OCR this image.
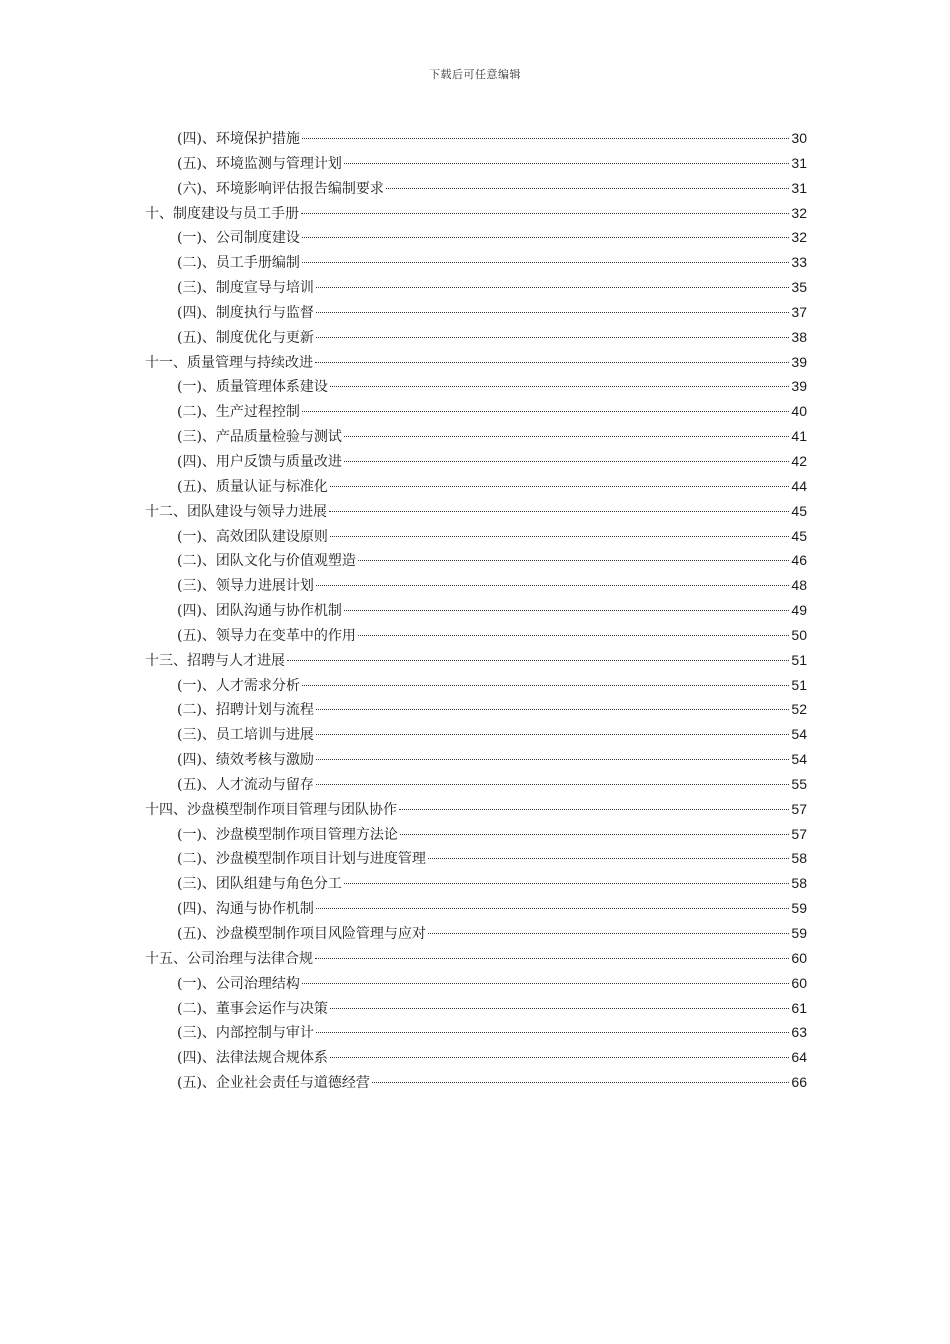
下载后可任意编辑
(四)、环境保护措施	30
(五)、环境监测与管理计划	31
(六)、环境影响评估报告编制要求	31
十、制度建设与员工手册	32
(一)、公司制度建设	32
(二)、员工手册编制	33
(三)、制度宣导与培训	35
(四)、制度执行与监督	37
(五)、制度优化与更新	38
十一、质量管理与持续改进	39
(一)、质量管理体系建设	39
(二)、生产过程控制	40
(三)、产品质量检验与测试	41
(四)、用户反馈与质量改进	42
(五)、质量认证与标准化	44
十二、团队建设与领导力进展	45
(一)、高效团队建设原则	45
(二)、团队文化与价值观塑造	46
(三)、领导力进展计划	48
(四)、团队沟通与协作机制	49
(五)、领导力在变革中的作用	50
十三、招聘与人才进展	51
(一)、人才需求分析	51
(二)、招聘计划与流程	52
(三)、员工培训与进展	54
(四)、绩效考核与激励	54
(五)、人才流动与留存	55
十四、沙盘模型制作项目管理与团队协作	57
(一)、沙盘模型制作项目管理方法论	57
(二)、沙盘模型制作项目计划与进度管理	58
(三)、团队组建与角色分工	58
(四)、沟通与协作机制	59
(五)、沙盘模型制作项目风险管理与应对	59
十五、公司治理与法律合规	60
(一)、公司治理结构	60
(二)、董事会运作与决策	61
(三)、内部控制与审计	63
(四)、法律法规合规体系	64
(五)、企业社会责任与道德经营	66
